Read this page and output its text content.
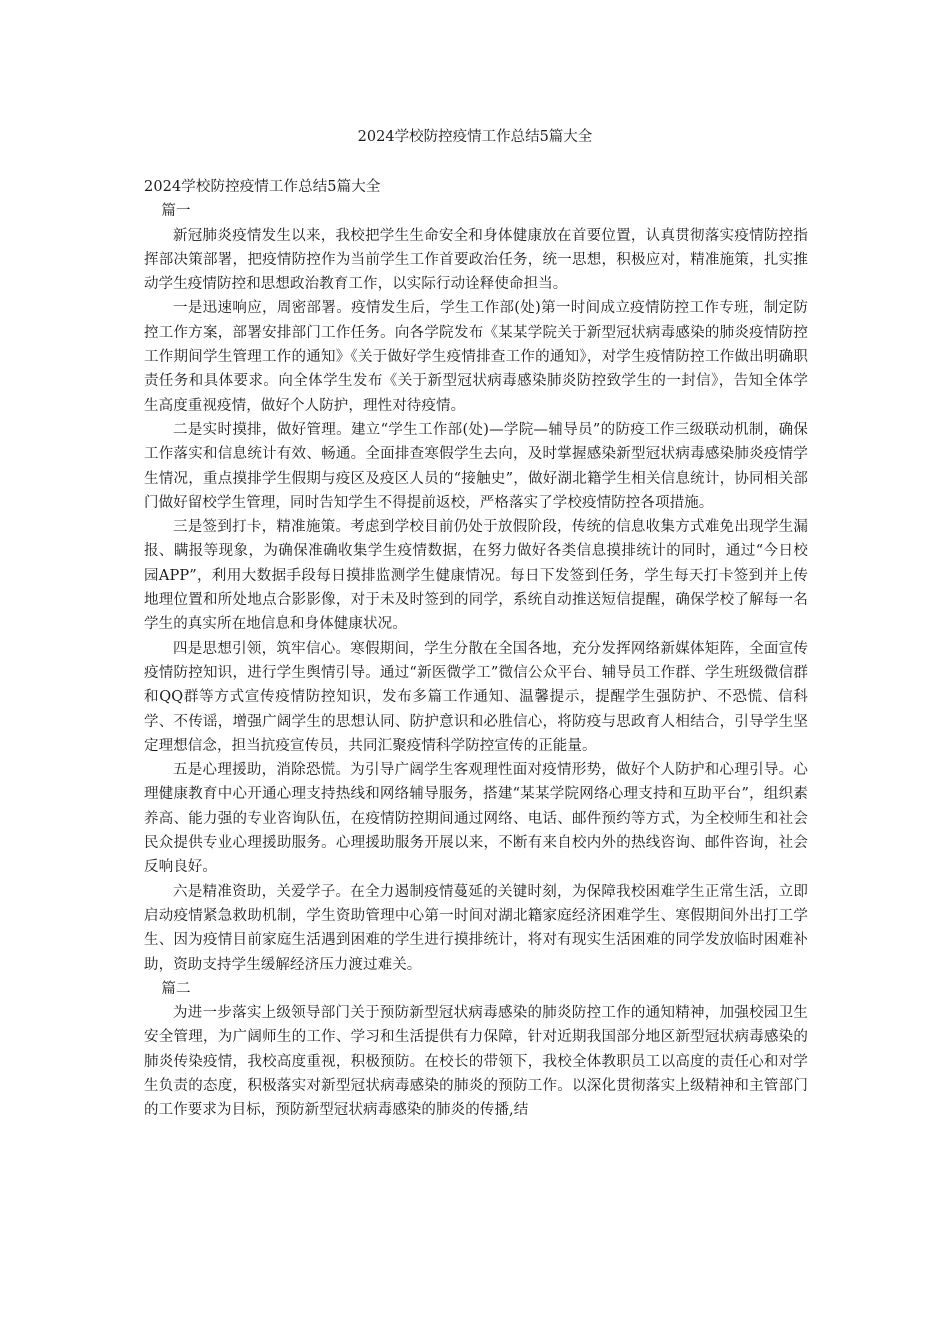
2024学校防控疫情工作总结5篇大全

2024学校防控疫情工作总结5篇大全

篇一

新冠肺炎疫情发生以来，我校把学生生命安全和身体健康放在首要位置，认真贯彻落实疫情防控指挥部决策部署，把疫情防控作为当前学生工作首要政治任务，统一思想，积极应对，精准施策，扎实推动学生疫情防控和思想政治教育工作，以实际行动诠释使命担当。

一是迅速响应，周密部署。疫情发生后，学生工作部(处)第一时间成立疫情防控工作专班，制定防控工作方案，部署安排部门工作任务。向各学院发布《某某学院关于新型冠状病毒感染的肺炎疫情防控工作期间学生管理工作的通知》《关于做好学生疫情排查工作的通知》，对学生疫情防控工作做出明确职责任务和具体要求。向全体学生发布《关于新型冠状病毒感染肺炎防控致学生的一封信》，告知全体学生高度重视疫情，做好个人防护，理性对待疫情。

二是实时摸排，做好管理。建立“学生工作部(处)—学院—辅导员”的防疫工作三级联动机制，确保工作落实和信息统计有效、畅通。全面排查寒假学生去向，及时掌握感染新型冠状病毒感染肺炎疫情学生情况，重点摸排学生假期与疫区及疫区人员的“接触史”，做好湖北籍学生相关信息统计，协同相关部门做好留校学生管理，同时告知学生不得提前返校，严格落实了学校疫情防控各项措施。

三是签到打卡，精准施策。考虑到学校目前仍处于放假阶段，传统的信息收集方式难免出现学生漏报、瞒报等现象，为确保准确收集学生疫情数据，在努力做好各类信息摸排统计的同时，通过“今日校园APP”，利用大数据手段每日摸排监测学生健康情况。每日下发签到任务，学生每天打卡签到并上传地理位置和所处地点合影影像，对于未及时签到的同学，系统自动推送短信提醒，确保学校了解每一名学生的真实所在地信息和身体健康状况。

四是思想引领，筑牢信心。寒假期间，学生分散在全国各地，充分发挥网络新媒体矩阵，全面宣传疫情防控知识，进行学生舆情引导。通过“新医微学工”微信公众平台、辅导员工作群、学生班级微信群和QQ群等方式宣传疫情防控知识，发布多篇工作通知、温馨提示，提醒学生强防护、不恐慌、信科学、不传谣，增强广阔学生的思想认同、防护意识和必胜信心，将防疫与思政育人相结合，引导学生坚定理想信念，担当抗疫宣传员，共同汇聚疫情科学防控宣传的正能量。

五是心理援助，消除恐慌。为引导广阔学生客观理性面对疫情形势，做好个人防护和心理引导。心理健康教育中心开通心理支持热线和网络辅导服务，搭建“某某学院网络心理支持和互助平台”，组织素养高、能力强的专业咨询队伍，在疫情防控期间通过网络、电话、邮件预约等方式，为全校师生和社会民众提供专业心理援助服务。心理援助服务开展以来，不断有来自校内外的热线咨询、邮件咨询，社会反响良好。

六是精准资助，关爱学子。在全力遏制疫情蔓延的关键时刻，为保障我校困难学生正常生活，立即启动疫情紧急救助机制，学生资助管理中心第一时间对湖北籍家庭经济困难学生、寒假期间外出打工学生、因为疫情目前家庭生活遇到困难的学生进行摸排统计，将对有现实生活困难的同学发放临时困难补助，资助支持学生缓解经济压力渡过难关。

篇二

为进一步落实上级领导部门关于预防新型冠状病毒感染的肺炎防控工作的通知精神，加强校园卫生安全管理，为广阔师生的工作、学习和生活提供有力保障，针对近期我国部分地区新型冠状病毒感染的肺炎传染疫情，我校高度重视，积极预防。在校长的带领下，我校全体教职员工以高度的责任心和对学生负责的态度，积极落实对新型冠状病毒感染的肺炎的预防工作。以深化贯彻落实上级精神和主管部门的工作要求为目标，预防新型冠状病毒感染的肺炎的传播,结
